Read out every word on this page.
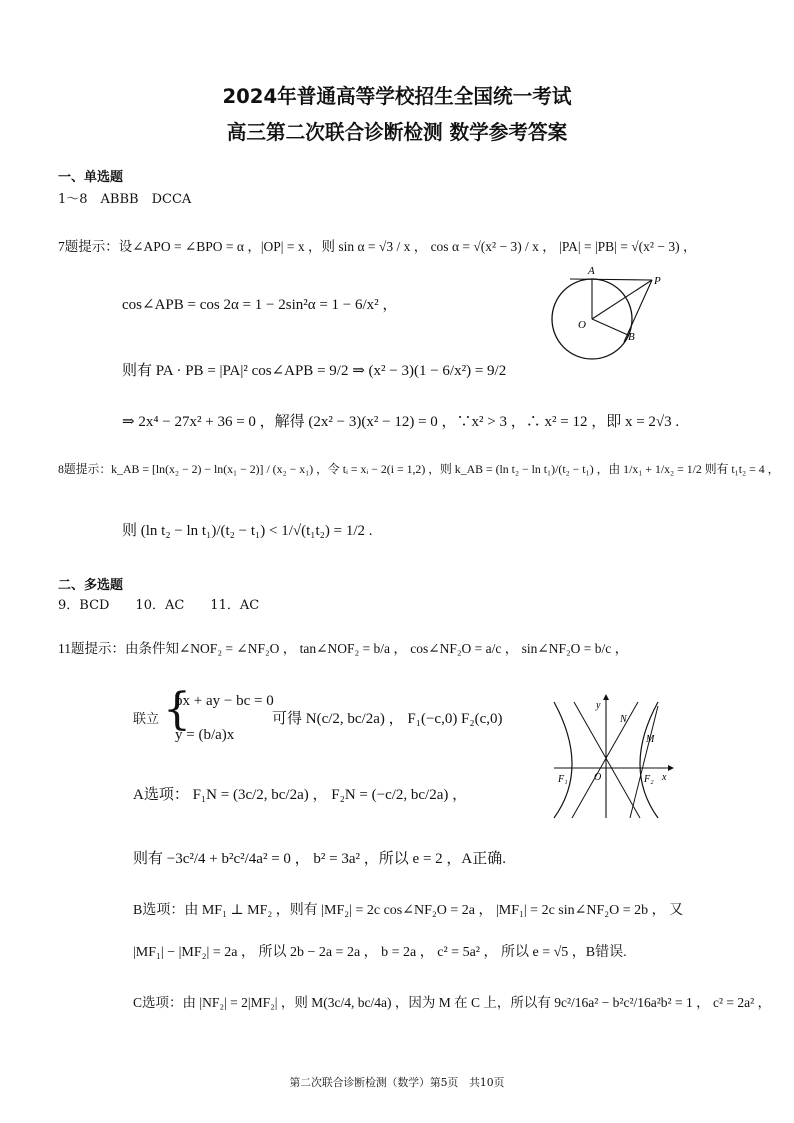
2024年普通高等学校招生全国统一考试
高三第二次联合诊断检测 数学参考答案
一、单选题
1～8　ABBB　DCCA
7题提示：设∠APO = ∠BPO = α ，|OP| = x ，则 sin α = √3 / x ， cos α = √(x² − 3) / x ， |PA| = |PB| = √(x² − 3) ，
cos∠APB = cos 2α = 1 − 2sin²α = 1 − 6/x² ，
则有 PA · PB = |PA|² cos∠APB = 9/2 ⇒ (x² − 3)(1 − 6/x²) = 9/2
⇒ 2x⁴ − 27x² + 36 = 0 ，解得 (2x² − 3)(x² − 12) = 0 ，∵x² > 3 ，∴ x² = 12 ，即 x = 2√3 .
A
P
O
B
8题提示：k_AB = [ln(x₂ − 2) − ln(x₁ − 2)] / (x₂ − x₁) ，令 tᵢ = xᵢ − 2(i = 1,2) ，则 k_AB = (ln t₂ − ln t₁)/(t₂ − t₁) ，由 1/x₁ + 1/x₂ = 1/2 则有 t₁t₂ = 4 ，
则 (ln t₂ − ln t₁)/(t₂ − t₁) < 1/√(t₁t₂) = 1/2 .
二、多选题
9．BCD　　10．AC　　11．AC
11题提示：由条件知∠NOF₂ = ∠NF₂O ， tan∠NOF₂ = b/a ， cos∠NF₂O = a/c ， sin∠NF₂O = b/c ，
联立 {
bx + ay − bc = 0
y = (b/a)x
可得 N(c/2, bc/2a) ， F₁(−c,0) F₂(c,0)
y
N
M
F₁	O	F₂ x
A选项： F₁N = (3c/2, bc/2a) ， F₂N = (−c/2, bc/2a) ，
则有 −3c²/4 + b²c²/4a² = 0 ， b² = 3a² ，所以 e = 2 ，A正确.
B选项：由 MF₁ ⊥ MF₂ ，则有 |MF₂| = 2c cos∠NF₂O = 2a ， |MF₁| = 2c sin∠NF₂O = 2b ， 又
|MF₁| − |MF₂| = 2a ， 所以 2b − 2a = 2a ， b = 2a ， c² = 5a² ， 所以 e = √5 ，B错误.
C选项：由 |NF₂| = 2|MF₂| ，则 M(3c/4, bc/4a) ，因为 M 在 C 上，所以有 9c²/16a² − b²c²/16a²b² = 1 ， c² = 2a² ，
第二次联合诊断检测（数学）第5页　共10页
